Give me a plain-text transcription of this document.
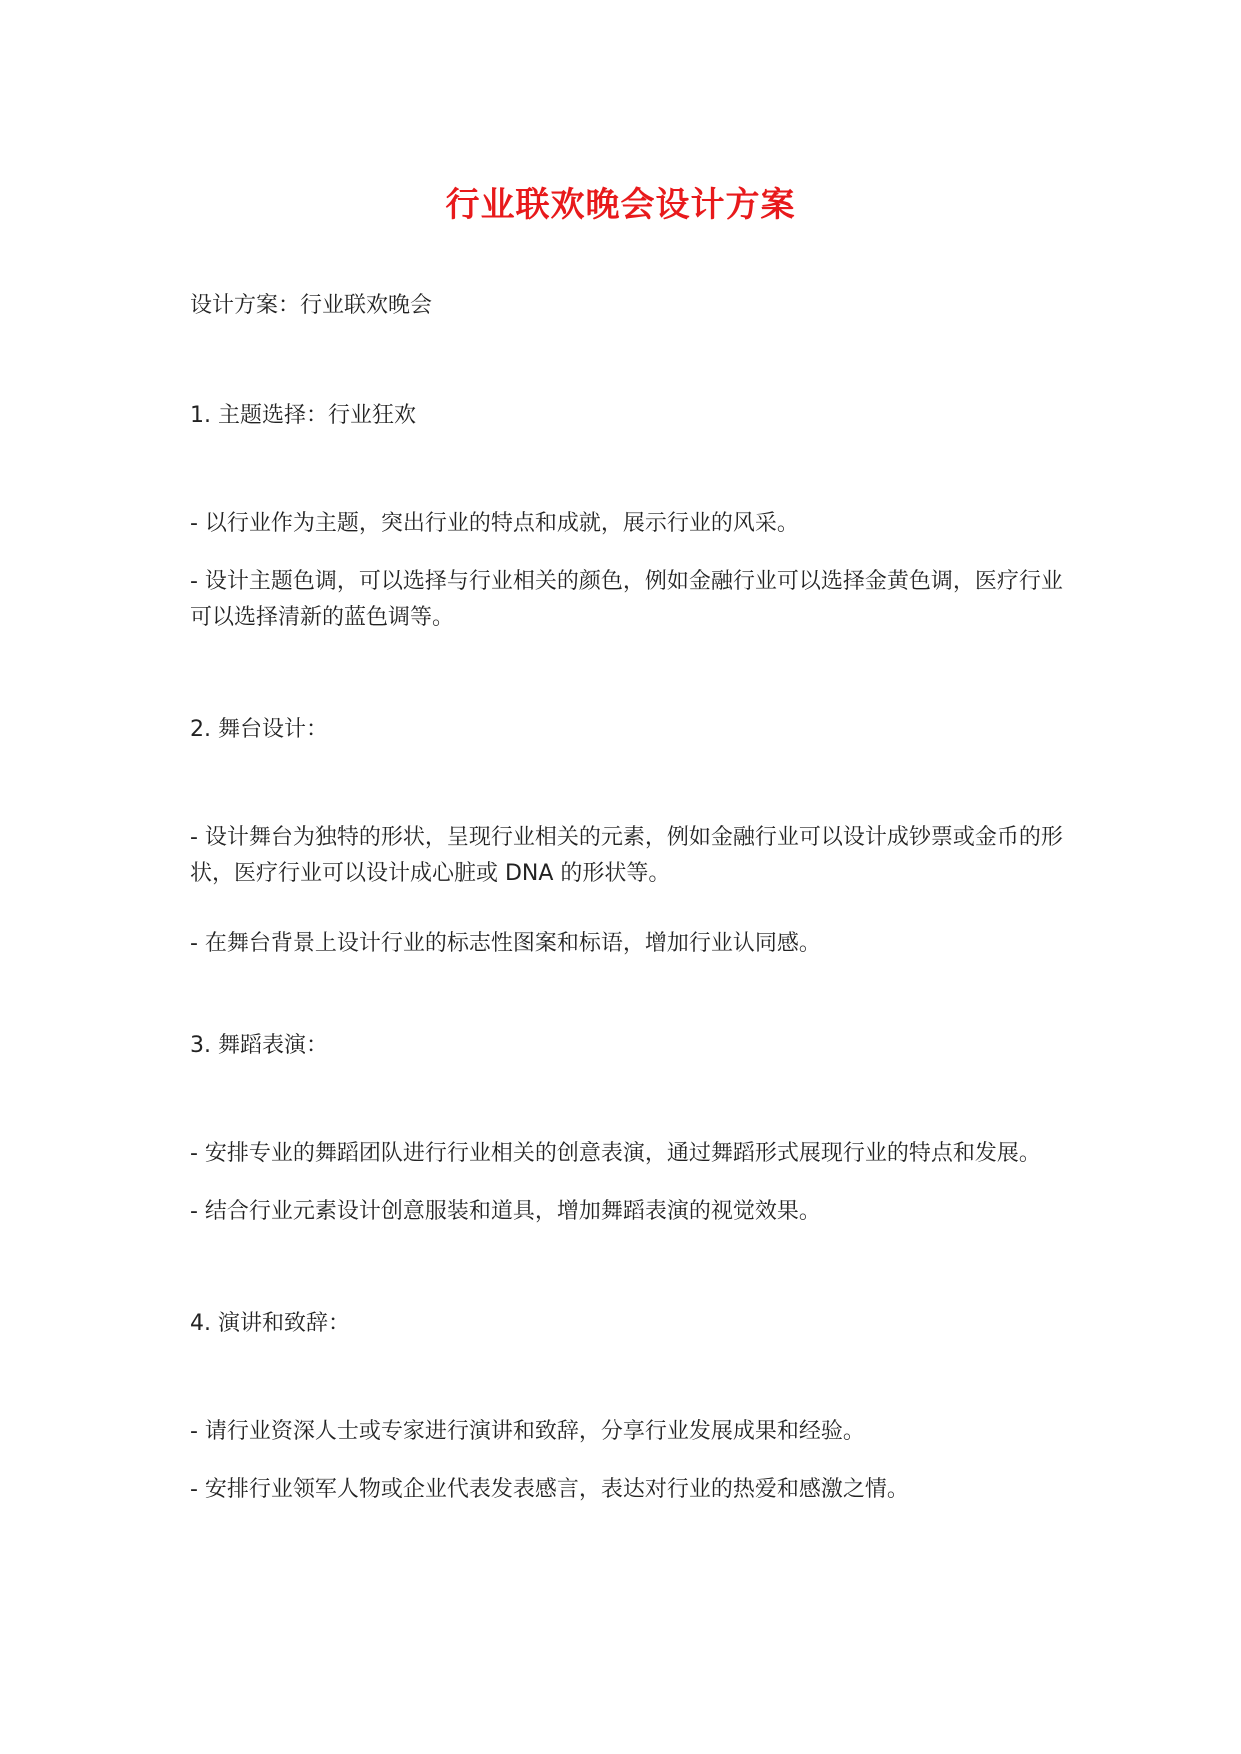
行业联欢晚会设计方案

设计方案：行业联欢晚会

1. 主题选择：行业狂欢

- 以行业作为主题，突出行业的特点和成就，展示行业的风采。

- 设计主题色调，可以选择与行业相关的颜色，例如金融行业可以选择金黄色调，医疗行业可以选择清新的蓝色调等。

2. 舞台设计：

- 设计舞台为独特的形状，呈现行业相关的元素，例如金融行业可以设计成钞票或金币的形状，医疗行业可以设计成心脏或 DNA 的形状等。

- 在舞台背景上设计行业的标志性图案和标语，增加行业认同感。

3. 舞蹈表演：

- 安排专业的舞蹈团队进行行业相关的创意表演，通过舞蹈形式展现行业的特点和发展。

- 结合行业元素设计创意服装和道具，增加舞蹈表演的视觉效果。

4. 演讲和致辞：

- 请行业资深人士或专家进行演讲和致辞，分享行业发展成果和经验。

- 安排行业领军人物或企业代表发表感言，表达对行业的热爱和感激之情。
